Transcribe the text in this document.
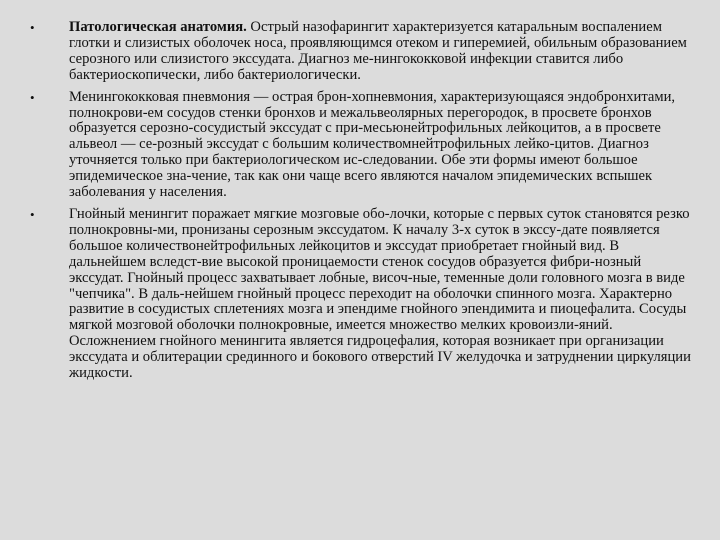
•	Патологическая анатомия. Острый назофарингит характеризуется катаральным воспалением глотки и слизистых оболочек носа, проявляющимся отеком и гиперемией, обильным образованием серозного или слизистого экссудата. Диагноз ме-нингококковой инфекции ставится либо бактериоскопически, либо бактериологически.
•	Менингококковая пневмония — острая брон-хопневмония, характеризующаяся эндобронхитами, полнокрови-ем сосудов стенки бронхов и межальвеолярных перегородок, в просвете бронхов образуется серозно-сосудистый экссудат с при-месьюнейтрофильных лейкоцитов, а в просвете альвеол — се-розный экссудат с большим количествомнейтрофильных лейко-цитов. Диагноз уточняется только при бактериологическом ис-следовании. Обе эти формы имеют большое эпидемическое зна-чение, так как они чаще всего являются началом эпидемических вспышек заболевания у населения.
•	Гнойный менингит поражает мягкие мозговые обо-лочки, которые с первых суток становятся резко полнокровны-ми, пронизаны серозным экссудатом. К началу 3-х суток в экссу-дате появляется большое количествонейтрофильных лейкоцитов и экссудат приобретает гнойный вид. В дальнейшем вследст-вие высокой проницаемости стенок сосудов образуется фибри-нозный экссудат. Гнойный процесс захватывает лобные, височ-ные, теменные доли головного мозга в виде "чепчика". В даль-нейшем гнойный процесс переходит на оболочки спинного мозга. Характерно развитие в сосудистых сплетениях мозга и эпендиме гнойного эпендимита и пиоцефалита. Сосуды мягкой мозговой оболочки полнокровные, имеется множество мелких кровоизли-яний. Осложнением гнойного менингита является гидроцефалия, которая возникает при организации экссудата и облитерации срединного и бокового отверстий IV желудочка и затруднении циркуляции жидкости.
